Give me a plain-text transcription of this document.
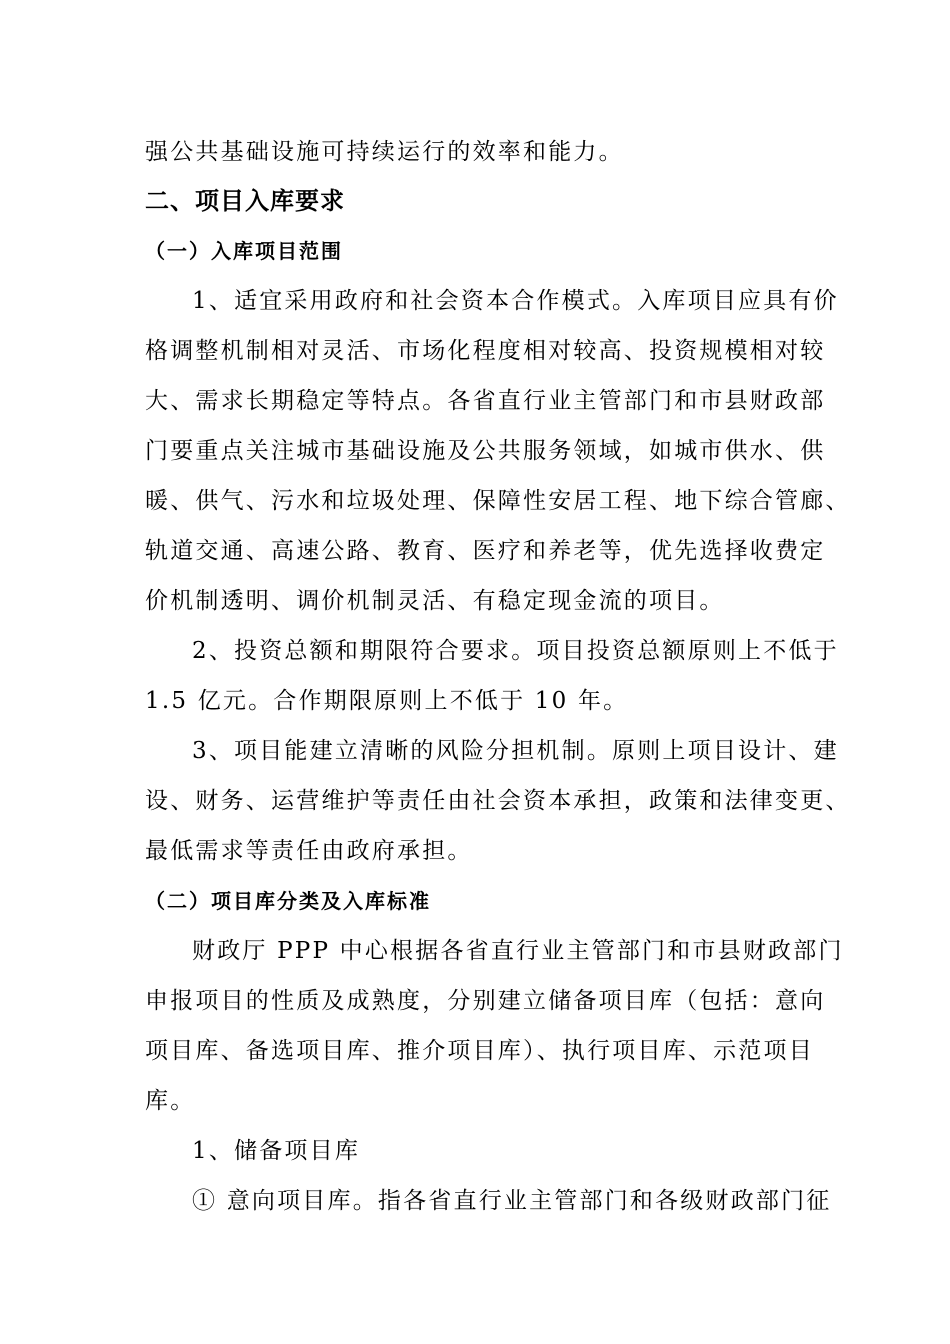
强公共基础设施可持续运行的效率和能力。
二、项目入库要求
（一）入库项目范围
1、适宜采用政府和社会资本合作模式。入库项目应具有价
格调整机制相对灵活、市场化程度相对较高、投资规模相对较
大、需求长期稳定等特点。各省直行业主管部门和市县财政部
门要重点关注城市基础设施及公共服务领域，如城市供水、供
暖、供气、污水和垃圾处理、保障性安居工程、地下综合管廊、
轨道交通、高速公路、教育、医疗和养老等，优先选择收费定
价机制透明、调价机制灵活、有稳定现金流的项目。
2、投资总额和期限符合要求。项目投资总额原则上不低于
1.5 亿元。合作期限原则上不低于 10 年。
3、项目能建立清晰的风险分担机制。原则上项目设计、建
设、财务、运营维护等责任由社会资本承担，政策和法律变更、
最低需求等责任由政府承担。
（二）项目库分类及入库标准
财政厅 PPP 中心根据各省直行业主管部门和市县财政部门
申报项目的性质及成熟度，分别建立储备项目库（包括：意向
项目库、备选项目库、推介项目库）、执行项目库、示范项目
库。
1、储备项目库
① 意向项目库。指各省直行业主管部门和各级财政部门征
